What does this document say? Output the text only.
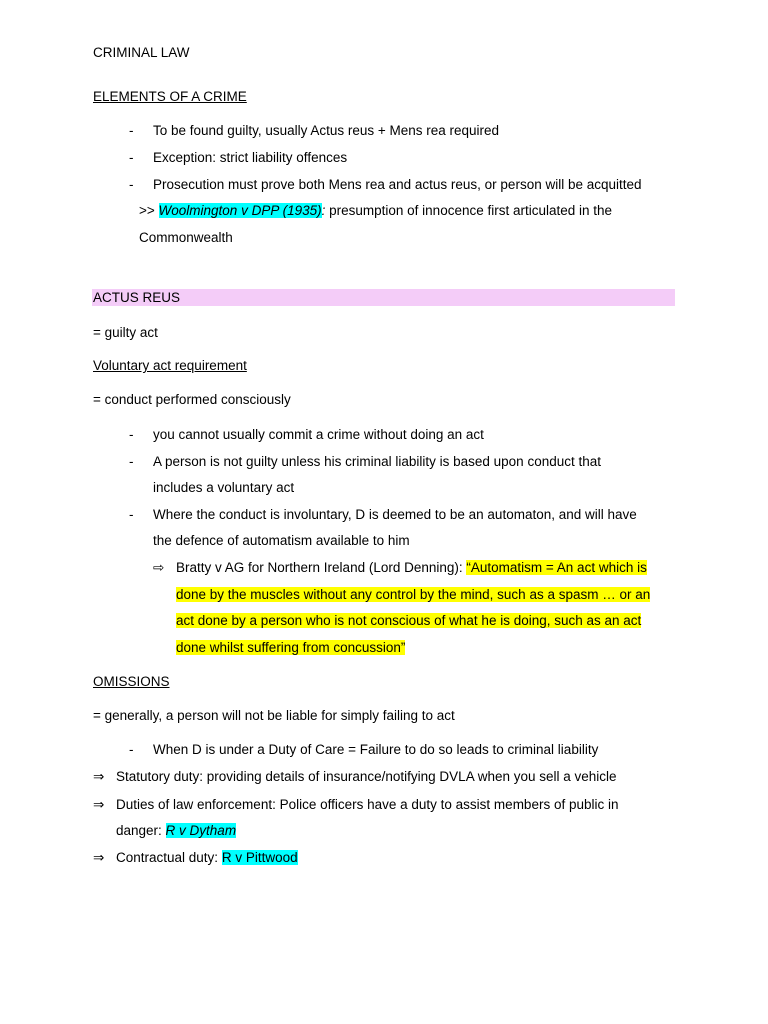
CRIMINAL LAW
ELEMENTS OF A CRIME
- To be found guilty, usually Actus reus + Mens rea required
- Exception: strict liability offences
- Prosecution must prove both Mens rea and actus reus, or person will be acquitted
>> Woolmington v DPP (1935): presumption of innocence first articulated in the
Commonwealth
ACTUS REUS
= guilty act
Voluntary act requirement
= conduct performed consciously
- you cannot usually commit a crime without doing an act
- A person is not guilty unless his criminal liability is based upon conduct that
includes a voluntary act
- Where the conduct is involuntary, D is deemed to be an automaton, and will have
the defence of automatism available to him
⇨ Bratty v AG for Northern Ireland (Lord Denning): “Automatism = An act which is
done by the muscles without any control by the mind, such as a spasm … or an
act done by a person who is not conscious of what he is doing, such as an act
done whilst suffering from concussion”
OMISSIONS
= generally, a person will not be liable for simply failing to act
- When D is under a Duty of Care = Failure to do so leads to criminal liability
⇒ Statutory duty: providing details of insurance/notifying DVLA when you sell a vehicle
⇒ Duties of law enforcement: Police officers have a duty to assist members of public in
danger: R v Dytham
⇒ Contractual duty: R v Pittwood
